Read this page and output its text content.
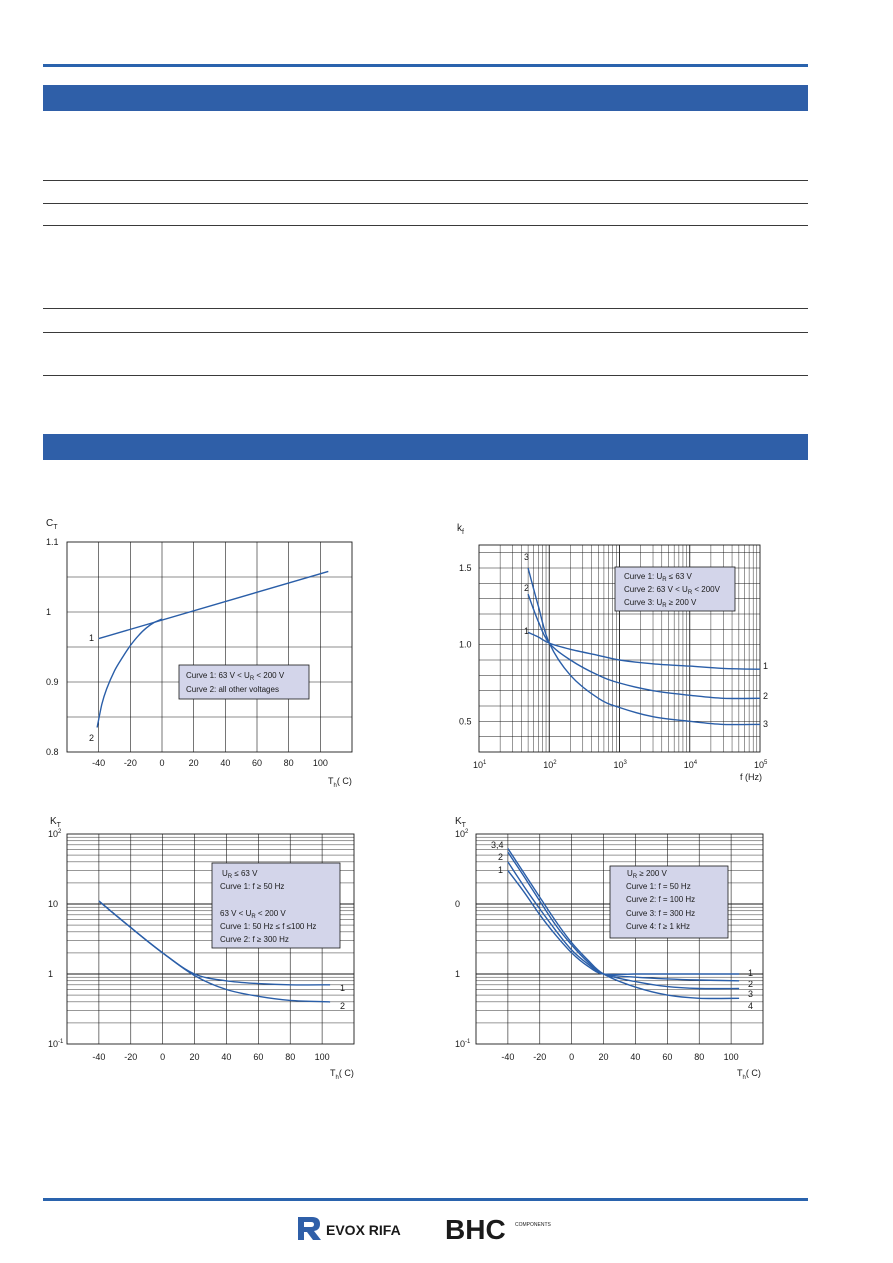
$C_T$
0.8
0.9
1
1.1
-40 -20	0	20 40 60 80 100
1
2
Curve 1: 63 $V < U_R < 200$ V
Curve 2: all other voltages
$T_h$( C)
$k_f$
0.5
1.0
1.5
$10^1$	$10^2$	$10^3$	$10^4$	$10^5$
3
2
1
1
2
3
Curve 1: $U_R \le 63$ V
Curve 2: 63 $V < U_R < 200V$
Curve 3: $U_R \ge 200$ V
f (Hz)
$K_T$
$10^2$
10
1
$10^{-1}$
-40 -20	0	20 40 60 80 100
1
2
$U_R \le 63$ V
Curve 1: f ≥ 50 Hz
63 $V < U_R < 200$ V
Curve 1: 50 Hz ≤ f ≤100 Hz
Curve 2: f ≥ 300 Hz
$T_h$( C)
$K_T$
$10^2$
0
1
$10^{-1}$
-40 -20	0	20 40 60 80 100
3,4
2
1
1
2
3
4
$U_R \ge 200$ V
Curve 1: f = 50 Hz
Curve 2: f = 100 Hz
Curve 3: f = 300 Hz
Curve 4: f ≥ 1 kHz
$T_h$( C)
EVOX RIFA BHC COMPONENTS
